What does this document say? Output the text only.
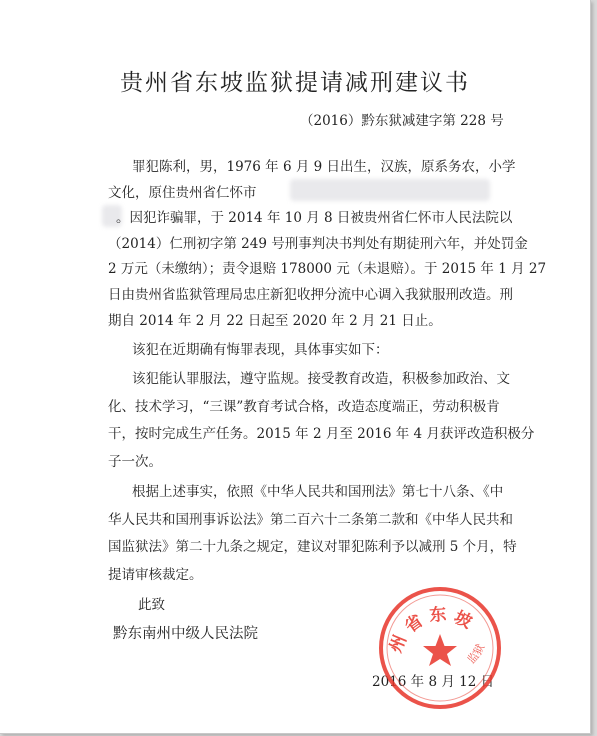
贵州省东坡监狱提请减刑建议书
（2016）黔东狱减建字第 228 号
罪犯陈利，男，1976 年 6 月 9 日出生，汉族，原系务农，小学
文化，原住贵州省仁怀市
。因犯诈骗罪，于 2014 年 10 月 8 日被贵州省仁怀市人民法院以
（2014）仁刑初字第 249 号刑事判决书判处有期徒刑六年，并处罚金
2 万元（未缴纳）；责令退赔 178000 元（未退赔）。于 2015 年 1 月 27
日由贵州省监狱管理局忠庄新犯收押分流中心调入我狱服刑改造。刑
期自 2014 年 2 月 22 日起至 2020 年 2 月 21 日止。
该犯在近期确有悔罪表现，具体事实如下：
该犯能认罪服法，遵守监规。接受教育改造，积极参加政治、文
化、技术学习，“三课”教育考试合格，改造态度端正，劳动积极肯
干，按时完成生产任务。2015 年 2 月至 2016 年 4 月获评改造积极分
子一次。
根据上述事实，依照《中华人民共和国刑法》第七十八条、《中
华人民共和国刑事诉讼法》第二百六十二条第二款和《中华人民共和
国监狱法》第二十九条之规定，建议对罪犯陈利予以减刑 5 个月，特
提请审核裁定。
此致
黔东南州中级人民法院
2016 年 8 月 12 日
州 省 东 坡
监狱
